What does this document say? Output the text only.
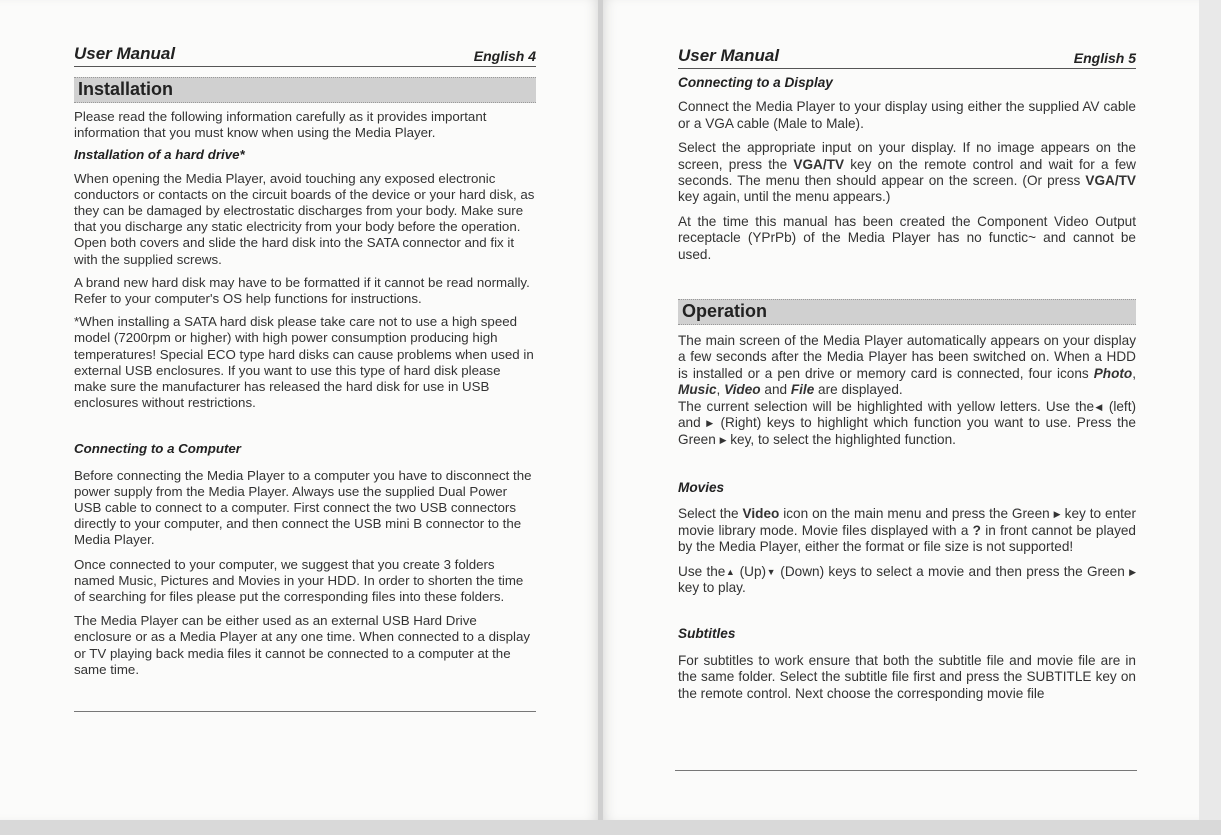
User Manual	English 4
Installation

Please read the following information carefully as it provides important information that you must know when using the Media Player.

Installation of a hard drive*

When opening the Media Player, avoid touching any exposed electronic conductors or contacts on the circuit boards of the device or your hard disk, as they can be damaged by electrostatic discharges from your body. Make sure that you discharge any static electricity from your body before the operation. Open both covers and slide the hard disk into the SATA connector and fix it with the supplied screws.

A brand new hard disk may have to be formatted if it cannot be read normally. Refer to your computer's OS help functions for instructions.

*When installing a SATA hard disk please take care not to use a high speed model (7200rpm or higher) with high power consumption producing high temperatures! Special ECO type hard disks can cause problems when used in external USB enclosures. If you want to use this type of hard disk please make sure the manufacturer has released the hard disk for use in USB enclosures without restrictions.

Connecting to a Computer

Before connecting the Media Player to a computer you have to disconnect the power supply from the Media Player. Always use the supplied Dual Power USB cable to connect to a computer. First connect the two USB connectors directly to your computer, and then connect the USB mini B connector to the Media Player.

Once connected to your computer, we suggest that you create 3 folders named Music, Pictures and Movies in your HDD. In order to shorten the time of searching for files please put the corresponding files into these folders.

The Media Player can be either used as an external USB Hard Drive enclosure or as a Media Player at any one time. When connected to a display or TV playing back media files it cannot be connected to a computer at the same time.

User Manual	English 5

Connecting to a Display

Connect the Media Player to your display using either the supplied AV cable or a VGA cable (Male to Male).

Select the appropriate input on your display. If no image appears on the screen, press the VGA/TV key on the remote control and wait for a few seconds. The menu then should appear on the screen. (Or press VGA/TV key again, until the menu appears.)

At the time this manual has been created the Component Video Output receptacle (YPrPb) of the Media Player has no functic~ and cannot be used.

Operation

The main screen of the Media Player automatically appears on your display a few seconds after the Media Player has been switched on. When a HDD is installed or a pen drive or memory card is connected, four icons Photo, Music, Video and File are displayed.

The current selection will be highlighted with yellow letters. Use the◀ (left) and ▶ (Right) keys to highlight which function you want to use. Press the Green ▶ key, to select the highlighted function.

Movies

Select the Video icon on the main menu and press the Green ▶ key to enter movie library mode. Movie files displayed with a ? in front cannot be played by the Media Player, either the format or file size is not supported!

Use the▲ (Up)▼ (Down) keys to select a movie and then press the Green ▶ key to play.

Subtitles

For subtitles to work ensure that both the subtitle file and movie file are in the same folder. Select the subtitle file first and press the SUBTITLE key on the remote control. Next choose the corresponding movie file
